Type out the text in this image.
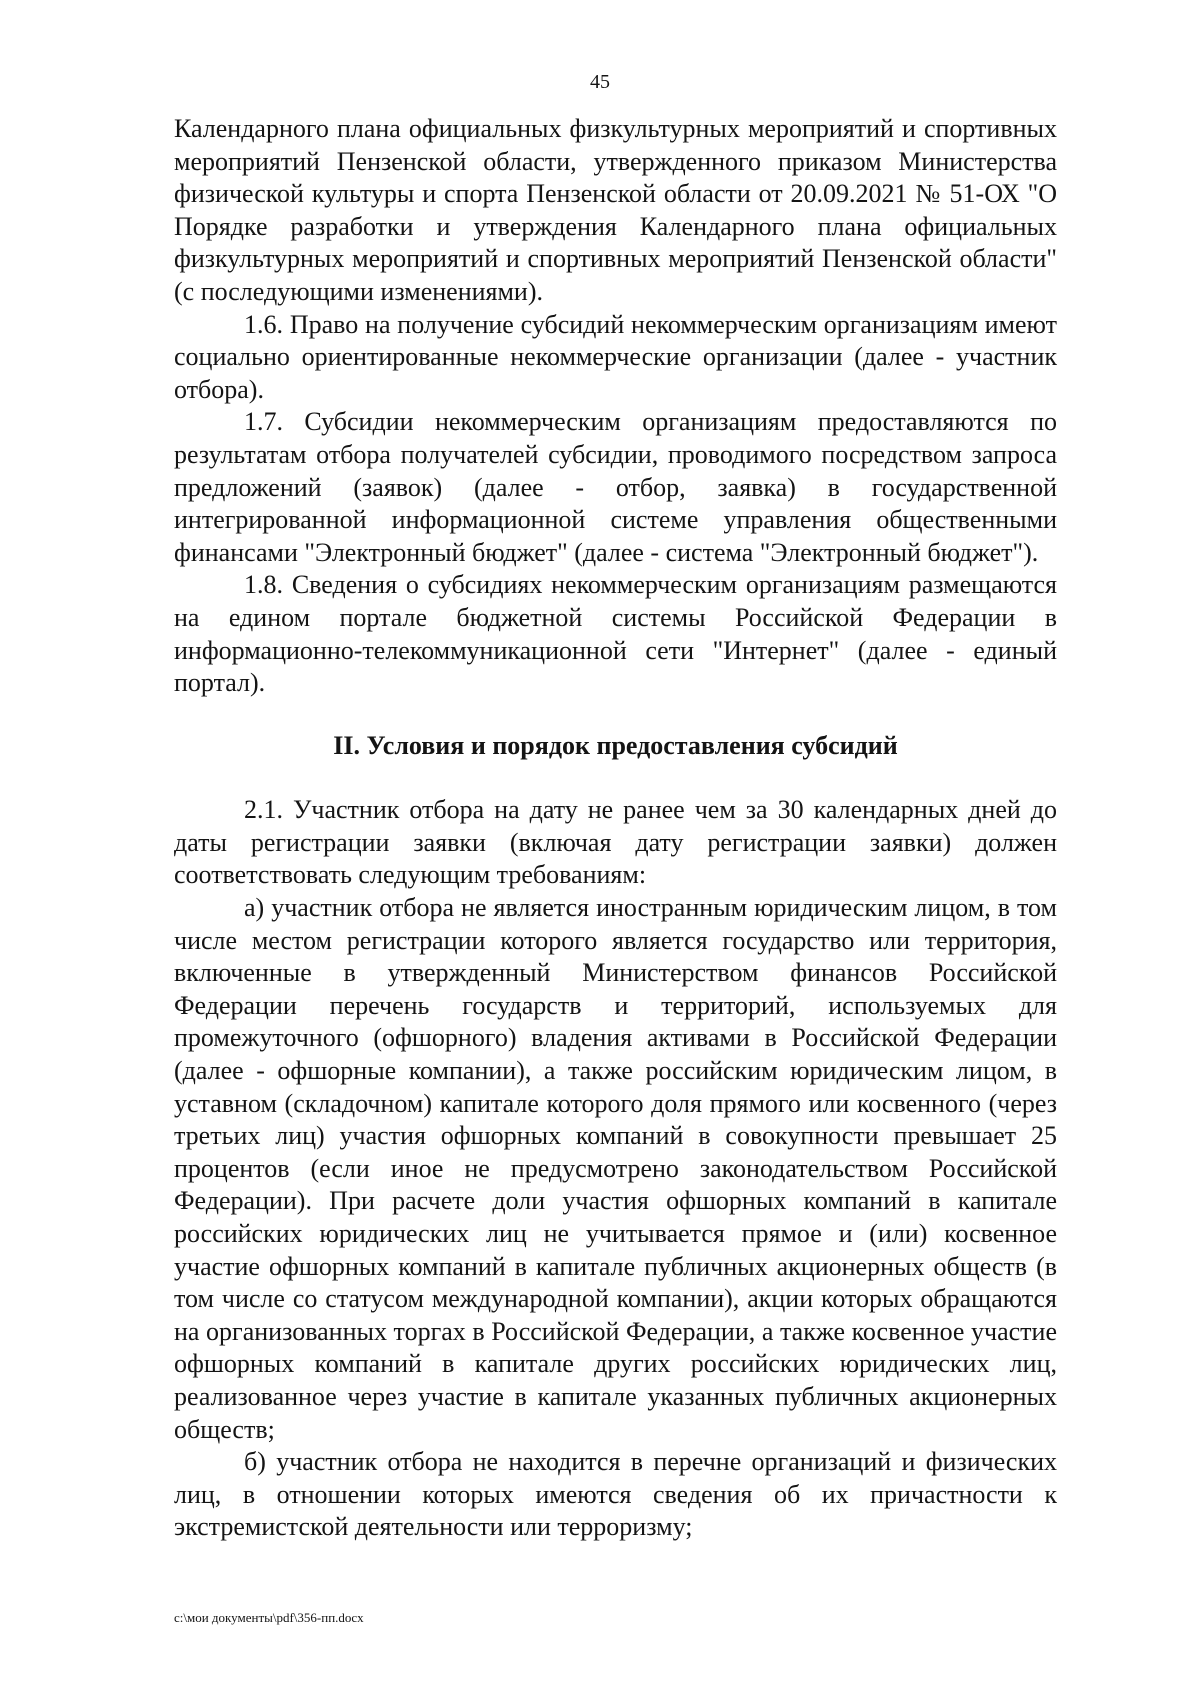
45

Календарного плана официальных физкультурных мероприятий и спортивных мероприятий Пензенской области, утвержденного приказом Министерства физической культуры и спорта Пензенской области от 20.09.2021 № 51-ОХ "О Порядке разработки и утверждения Календарного плана официальных физкультурных мероприятий и спортивных мероприятий Пензенской области" (с последующими изменениями).

1.6. Право на получение субсидий некоммерческим организациям имеют социально ориентированные некоммерческие организации (далее - участник отбора).

1.7. Субсидии некоммерческим организациям предоставляются по результатам отбора получателей субсидии, проводимого посредством запроса предложений (заявок) (далее - отбор, заявка) в государственной интегрированной информационной системе управления общественными финансами "Электронный бюджет" (далее - система "Электронный бюджет").

1.8. Сведения о субсидиях некоммерческим организациям размещаются на едином портале бюджетной системы Российской Федерации в информационно-телекоммуникационной сети "Интернет" (далее - единый портал).

II. Условия и порядок предоставления субсидий

2.1. Участник отбора на дату не ранее чем за 30 календарных дней до даты регистрации заявки (включая дату регистрации заявки) должен соответствовать следующим требованиям:

а) участник отбора не является иностранным юридическим лицом, в том числе местом регистрации которого является государство или территория, включенные в утвержденный Министерством финансов Российской Федерации перечень государств и территорий, используемых для промежуточного (офшорного) владения активами в Российской Федерации (далее - офшорные компании), а также российским юридическим лицом, в уставном (складочном) капитале которого доля прямого или косвенного (через третьих лиц) участия офшорных компаний в совокупности превышает 25 процентов (если иное не предусмотрено законодательством Российской Федерации). При расчете доли участия офшорных компаний в капитале российских юридических лиц не учитывается прямое и (или) косвенное участие офшорных компаний в капитале публичных акционерных обществ (в том числе со статусом международной компании), акции которых обращаются на организованных торгах в Российской Федерации, а также косвенное участие офшорных компаний в капитале других российских юридических лиц, реализованное через участие в капитале указанных публичных акционерных обществ;

б) участник отбора не находится в перечне организаций и физических лиц, в отношении которых имеются сведения об их причастности к экстремистской деятельности или терроризму;

c:\мои документы\pdf\356-пп.docx
